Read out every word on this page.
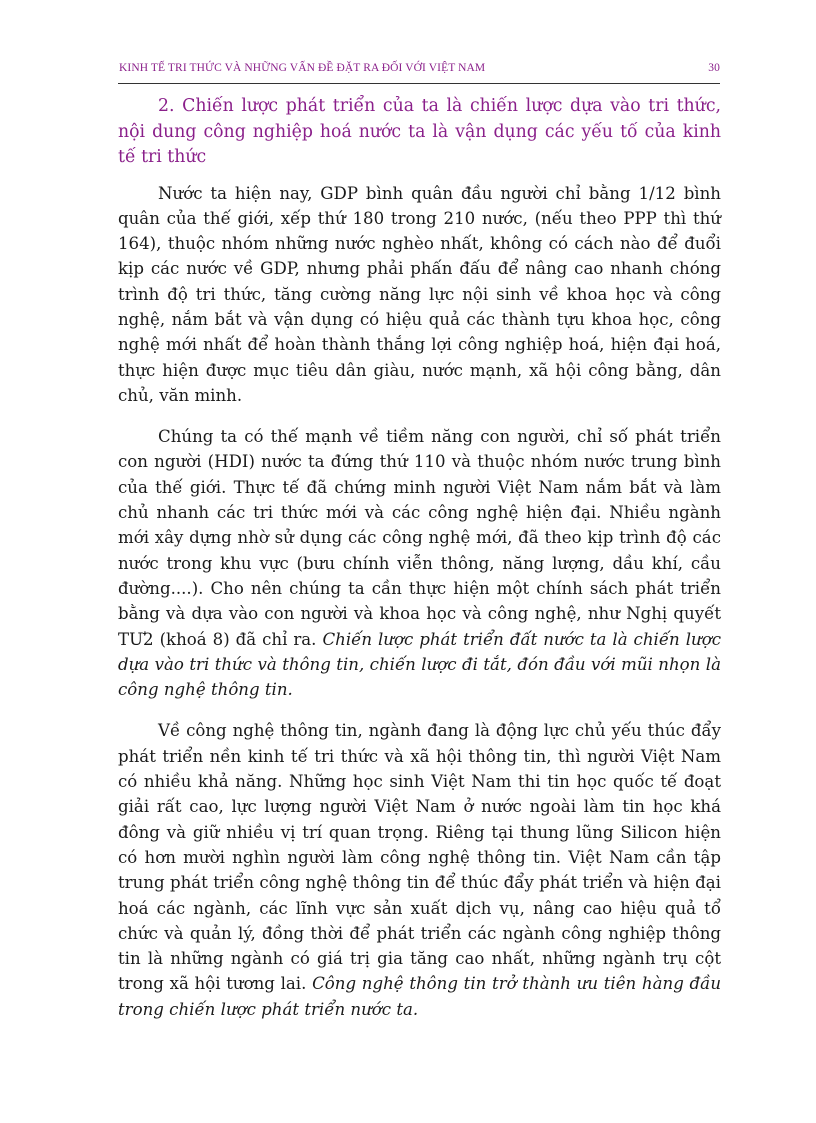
KINH TẾ TRI THỨC VÀ NHỮNG VẤN ĐỀ ĐẶT RA ĐỐI VỚI VIỆT NAM	30

2. Chiến lược phát triển của ta là chiến lược dựa vào tri thức, nội dung công nghiệp hoá nước ta là vận dụng các yếu tố của kinh tế tri thức

Nước ta hiện nay, GDP bình quân đầu người chỉ bằng 1/12 bình quân của thế giới, xếp thứ 180 trong 210 nước, (nếu theo PPP thì thứ 164), thuộc nhóm những nước nghèo nhất, không có cách nào để đuổi kịp các nước về GDP, nhưng phải phấn đấu để nâng cao nhanh chóng trình độ tri thức, tăng cường năng lực nội sinh về khoa học và công nghệ, nắm bắt và vận dụng có hiệu quả các thành tựu khoa học, công nghệ mới nhất để hoàn thành thắng lợi công nghiệp hoá, hiện đại hoá, thực hiện được mục tiêu dân giàu, nước mạnh, xã hội công bằng, dân chủ, văn minh.

Chúng ta có thế mạnh về tiềm năng con người, chỉ số phát triển con người (HDI) nước ta đứng thứ 110 và thuộc nhóm nước trung bình của thế giới. Thực tế đã chứng minh người Việt Nam nắm bắt và làm chủ nhanh các tri thức mới và các công nghệ hiện đại. Nhiều ngành mới xây dựng nhờ sử dụng các công nghệ mới, đã theo kịp trình độ các nước trong khu vực (bưu chính viễn thông, năng lượng, dầu khí, cầu đường....). Cho nên chúng ta cần thực hiện một chính sách phát triển bằng và dựa vào con người và khoa học và công nghệ, như Nghị quyết TƯ2 (khoá 8) đã chỉ ra. Chiến lược phát triển đất nước ta là chiến lược dựa vào tri thức và thông tin, chiến lược đi tắt, đón đầu với mũi nhọn là công nghệ thông tin.

Về công nghệ thông tin, ngành đang là động lực chủ yếu thúc đẩy phát triển nền kinh tế tri thức và xã hội thông tin, thì người Việt Nam có nhiều khả năng. Những học sinh Việt Nam thi tin học quốc tế đoạt giải rất cao, lực lượng người Việt Nam ở nước ngoài làm tin học khá đông và giữ nhiều vị trí quan trọng. Riêng tại thung lũng Silicon hiện có hơn mười nghìn người làm công nghệ thông tin. Việt Nam cần tập trung phát triển công nghệ thông tin để thúc đẩy phát triển và hiện đại hoá các ngành, các lĩnh vực sản xuất dịch vụ, nâng cao hiệu quả tổ chức và quản lý, đồng thời để phát triển các ngành công nghiệp thông tin là những ngành có giá trị gia tăng cao nhất, những ngành trụ cột trong xã hội tương lai. Công nghệ thông tin trở thành ưu tiên hàng đầu trong chiến lược phát triển nước ta.
